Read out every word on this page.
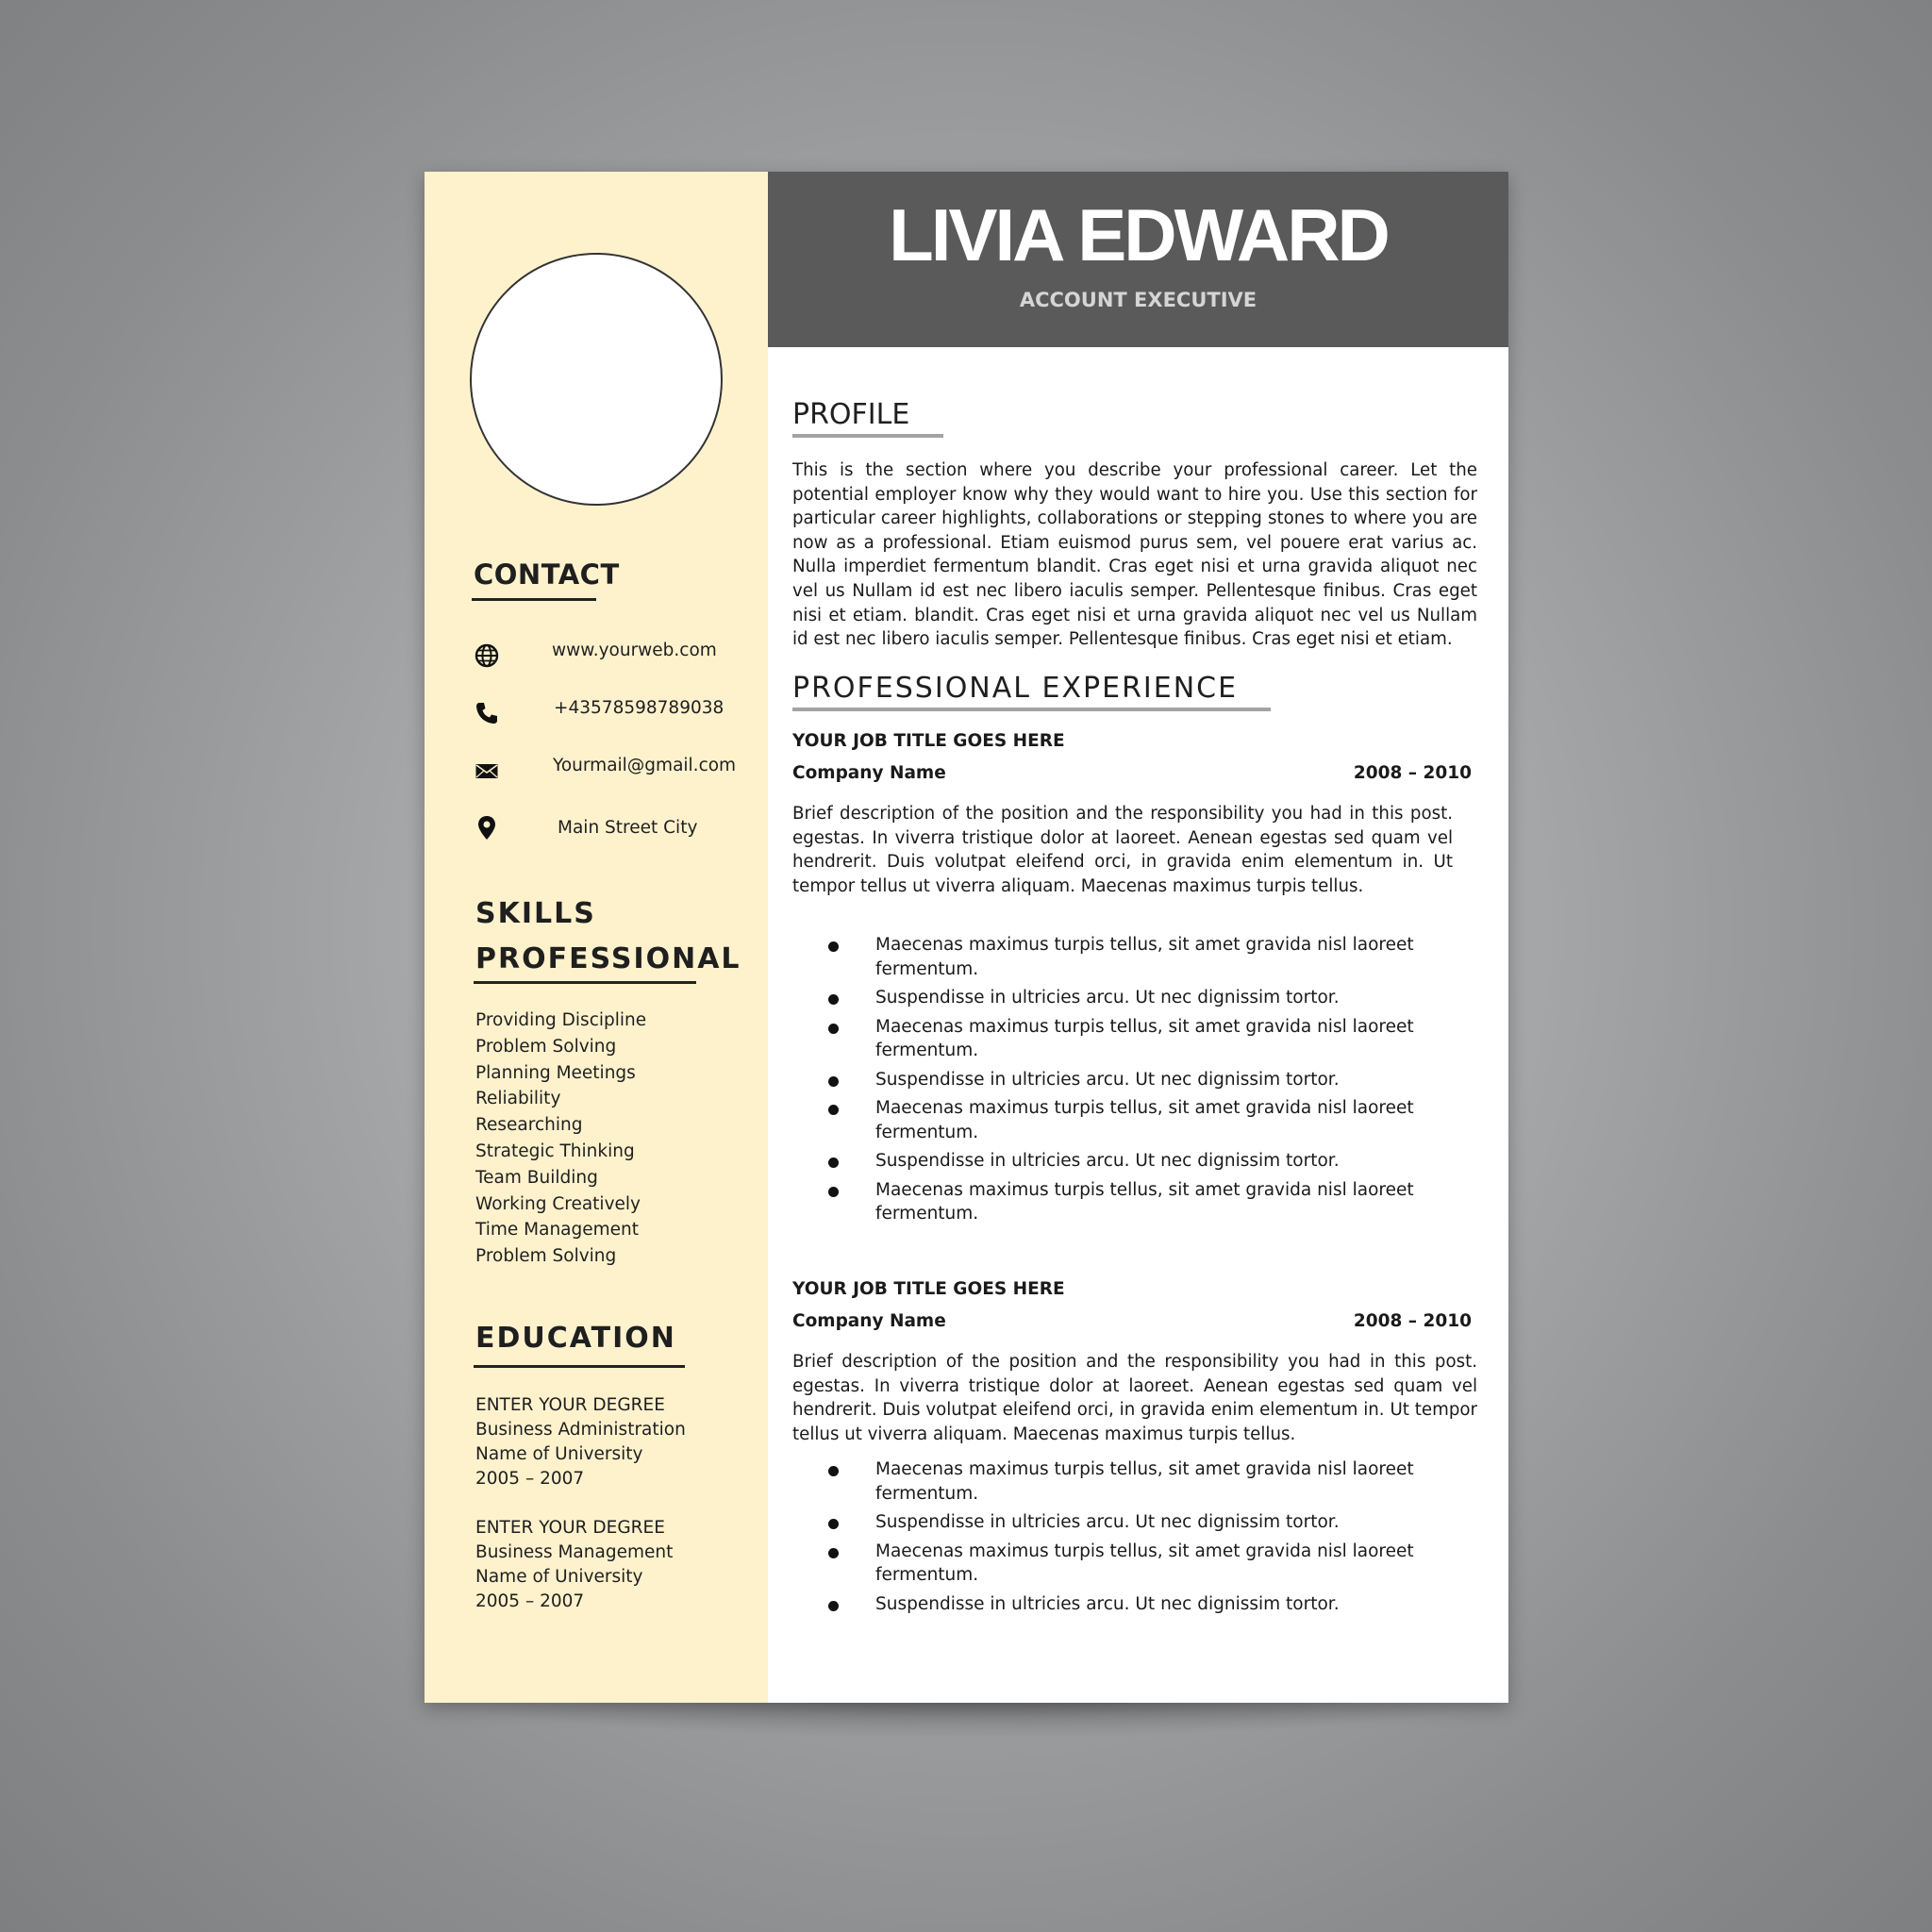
CONTACT
www.yourweb.com
+43578598789038
Yourmail@gmail.com
Main Street City
SKILLS
PROFESSIONAL
Providing Discipline
Problem Solving
Planning Meetings
Reliability
Researching
Strategic Thinking
Team Building
Working Creatively
Time Management
Problem Solving
EDUCATION
ENTER YOUR DEGREE
Business Administration
Name of University
2005 – 2007
ENTER YOUR DEGREE
Business Management
Name of University
2005 – 2007
LIVIA EDWARD
ACCOUNT EXECUTIVE
PROFILE

This is the section where you describe your professional career. Let the potential employer know why they would want to hire you. Use this section for particular career highlights, collaborations or stepping stones to where you are now as a professional. Etiam euismod purus sem, vel pouere erat varius ac. Nulla imperdiet fermentum blandit. Cras eget nisi et urna gravida aliquot nec vel us Nullam id est nec libero iaculis semper. Pellentesque finibus. Cras eget nisi et etiam. blandit. Cras eget nisi et urna gravida aliquot nec vel us Nullam id est nec libero iaculis semper. Pellentesque finibus. Cras eget nisi et etiam.

PROFESSIONAL EXPERIENCE
YOUR JOB TITLE GOES HERE
Company Name	2008 – 2010

Brief description of the position and the responsibility you had in this post. egestas. In viverra tristique dolor at laoreet. Aenean egestas sed quam vel hendrerit. Duis volutpat eleifend orci, in gravida enim elementum in. Ut tempor tellus ut viverra aliquam. Maecenas maximus turpis tellus.

Maecenas maximus turpis tellus, sit amet gravida nisl laoreet fermentum.
Suspendisse in ultricies arcu. Ut nec dignissim tortor.
Maecenas maximus turpis tellus, sit amet gravida nisl laoreet fermentum.
Suspendisse in ultricies arcu. Ut nec dignissim tortor.
Maecenas maximus turpis tellus, sit amet gravida nisl laoreet fermentum.
Suspendisse in ultricies arcu. Ut nec dignissim tortor.
Maecenas maximus turpis tellus, sit amet gravida nisl laoreet fermentum.
YOUR JOB TITLE GOES HERE
Company Name	2008 – 2010

Brief description of the position and the responsibility you had in this post. egestas. In viverra tristique dolor at laoreet. Aenean egestas sed quam vel hendrerit. Duis volutpat eleifend orci, in gravida enim elementum in. Ut tempor tellus ut viverra aliquam. Maecenas maximus turpis tellus.

Maecenas maximus turpis tellus, sit amet gravida nisl laoreet fermentum.
Suspendisse in ultricies arcu. Ut nec dignissim tortor.
Maecenas maximus turpis tellus, sit amet gravida nisl laoreet fermentum.
Suspendisse in ultricies arcu. Ut nec dignissim tortor.
